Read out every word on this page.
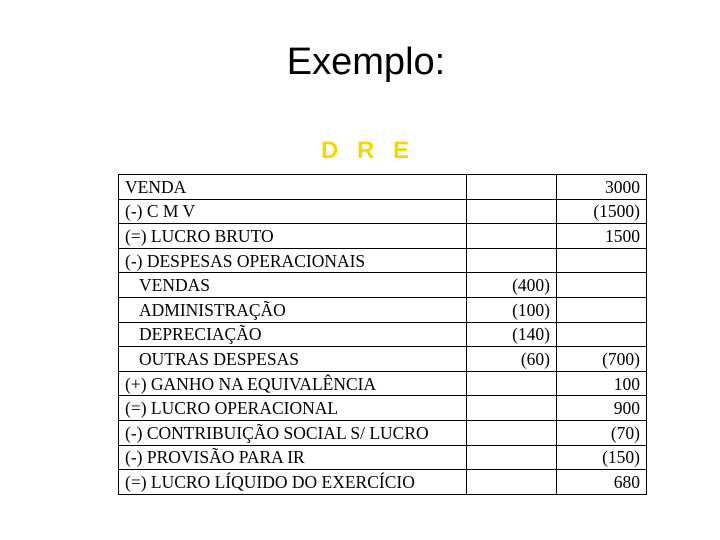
Exemplo:
D R E
VENDA		3000
(-) C M V		(1500)
(=) LUCRO BRUTO		1500
(-) DESPESAS OPERACIONAIS		
VENDAS	(400)	
ADMINISTRAÇÃO	(100)	
DEPRECIAÇÃO	(140)	
OUTRAS DESPESAS	(60)	(700)
(+) GANHO NA EQUIVALÊNCIA		100
(=) LUCRO OPERACIONAL		900
(-) CONTRIBUIÇÃO SOCIAL S/ LUCRO		(70)
(-) PROVISÃO PARA IR		(150)
(=) LUCRO LÍQUIDO DO EXERCÍCIO		680
